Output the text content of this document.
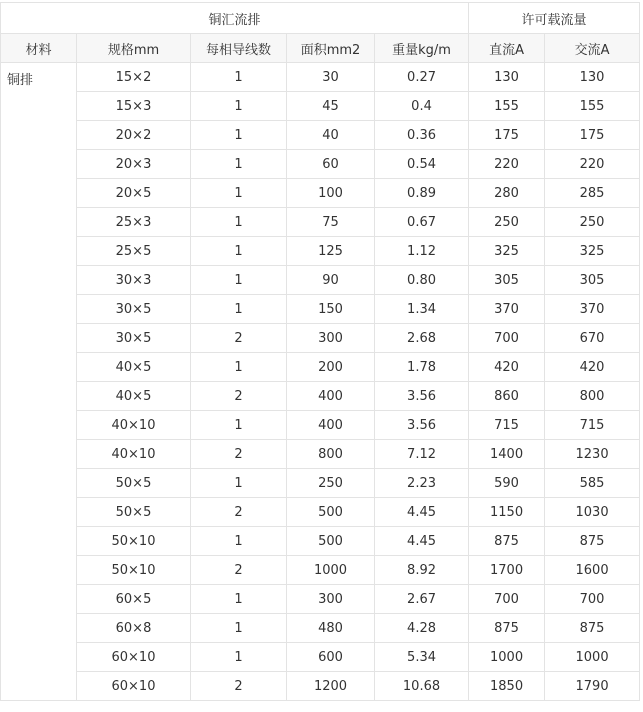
铜汇流排					许可载流量	
材料	规格mm	每相导线数	面积mm2	重量kg/m	直流A	交流A
铜排	15×2	1	30	0.27	130	130
	15×3	1	45	0.4	155	155
	20×2	1	40	0.36	175	175
	20×3	1	60	0.54	220	220
	20×5	1	100	0.89	280	285
	25×3	1	75	0.67	250	250
	25×5	1	125	1.12	325	325
	30×3	1	90	0.80	305	305
	30×5	1	150	1.34	370	370
	30×5	2	300	2.68	700	670
	40×5	1	200	1.78	420	420
	40×5	2	400	3.56	860	800
	40×10	1	400	3.56	715	715
	40×10	2	800	7.12	1400	1230
	50×5	1	250	2.23	590	585
	50×5	2	500	4.45	1150	1030
	50×10	1	500	4.45	875	875
	50×10	2	1000	8.92	1700	1600
	60×5	1	300	2.67	700	700
	60×8	1	480	4.28	875	875
	60×10	1	600	5.34	1000	1000
	60×10	2	1200	10.68	1850	1790
